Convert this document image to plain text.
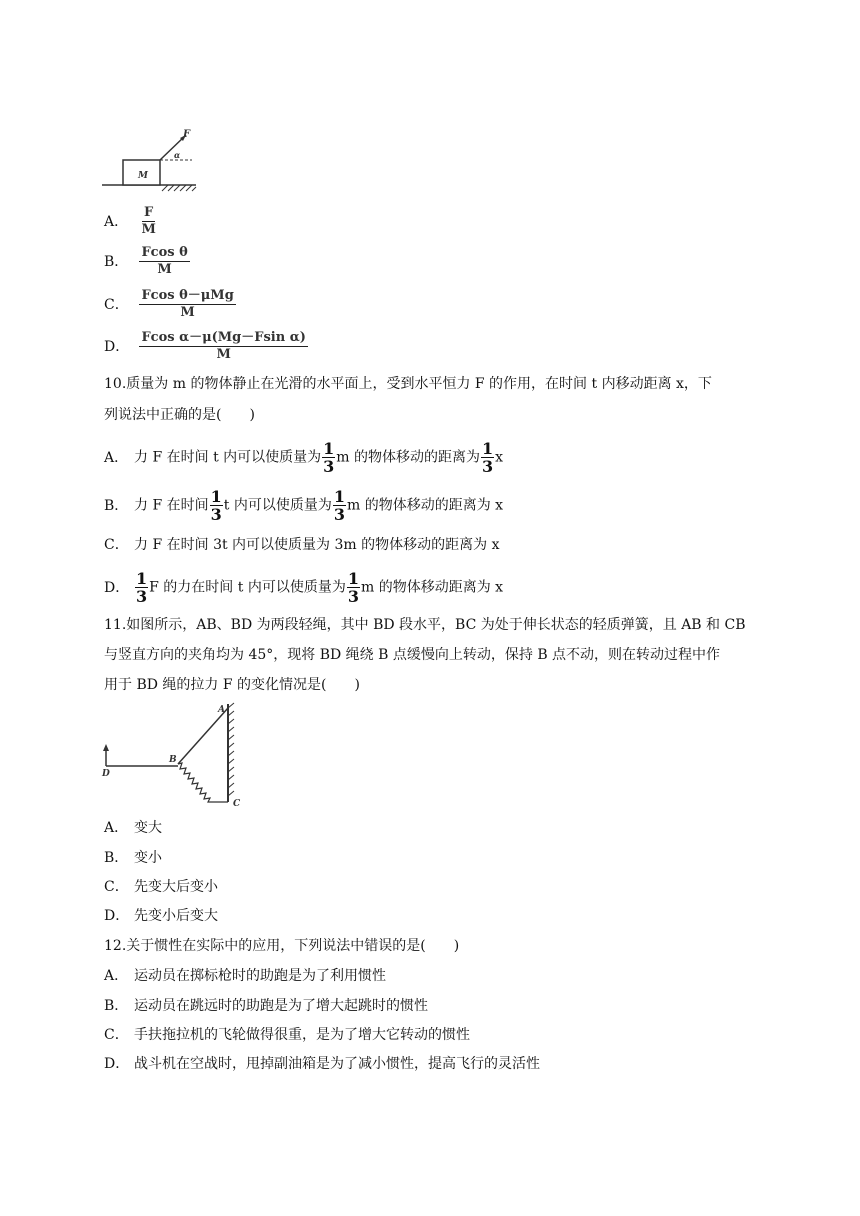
M
F
α
A． $\frac{F}{M}$
B． $\frac{\text{Fcos θ}}{M}$
C． $\frac{\text{Fcos θ－μMg}}{M}$
D． $\frac{\text{Fcos α－μ(Mg－Fsin α)}}{M}$
10.质量为 m 的物体静止在光滑的水平面上，受到水平恒力 F 的作用，在时间 t 内移动距离 x，下
列说法中正确的是(　　)
A． 力 F 在时间 t 内可以使质量为 $\frac{1}{3}$ m 的物体移动的距离为 $\frac{1}{3}$ x
B． 力 F 在时间 $\frac{1}{3}$ t 内可以使质量为 $\frac{1}{3}$ m 的物体移动的距离为 x
C． 力 F 在时间 3t 内可以使质量为 3m 的物体移动的距离为 x
D． $\frac{1}{3}$ F 的力在时间 t 内可以使质量为 $\frac{1}{3}$ m 的物体移动距离为 x
11.如图所示，AB、BD 为两段轻绳，其中 BD 段水平，BC 为处于伸长状态的轻质弹簧，且 AB 和 CB
与竖直方向的夹角均为 45°，现将 BD 绳绕 B 点缓慢向上转动，保持 B 点不动，则在转动过程中作
用于 BD 绳的拉力 F 的变化情况是(　　)
A
B
C
D
A． 变大
B． 变小
C． 先变大后变小
D． 先变小后变大
12.关于惯性在实际中的应用，下列说法中错误的是(　　)
A． 运动员在掷标枪时的助跑是为了利用惯性
B． 运动员在跳远时的助跑是为了增大起跳时的惯性
C． 手扶拖拉机的飞轮做得很重，是为了增大它转动的惯性
D． 战斗机在空战时，甩掉副油箱是为了减小惯性，提高飞行的灵活性
